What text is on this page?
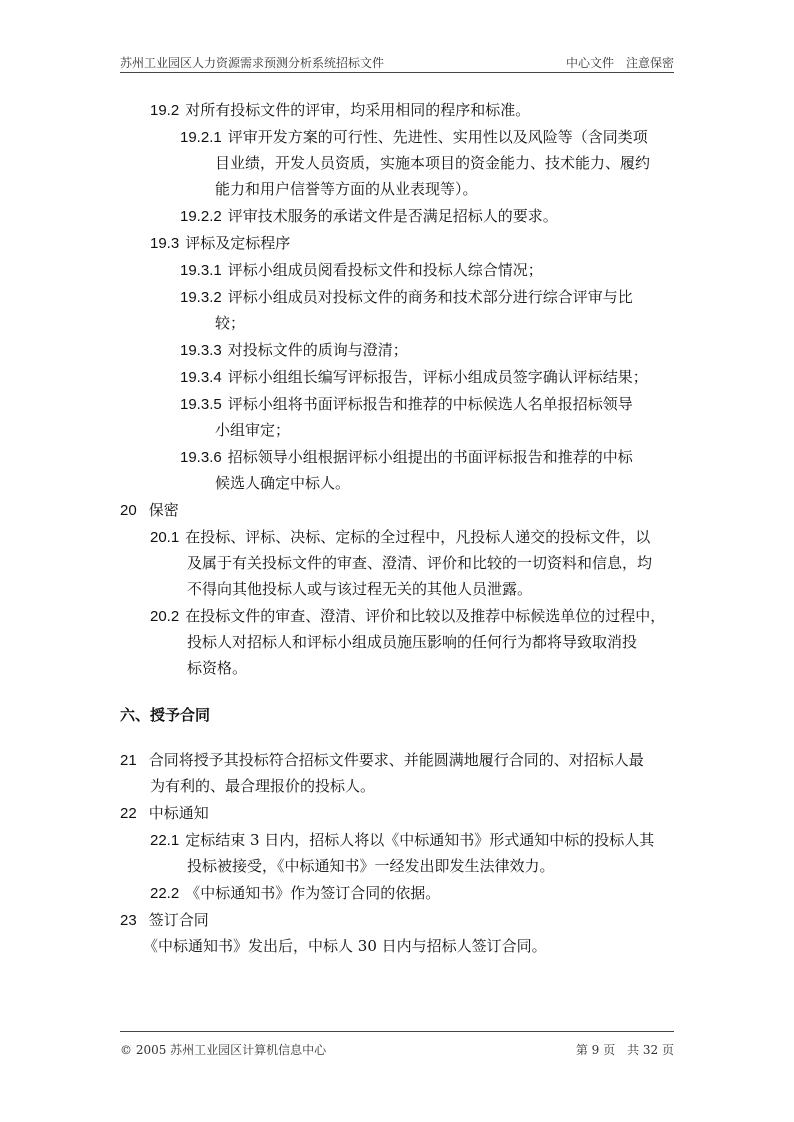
苏州工业园区人力资源需求预测分析系统招标文件	中心文件　注意保密
19.2 对所有投标文件的评审，均采用相同的程序和标准。
19.2.1 评审开发方案的可行性、先进性、实用性以及风险等（含同类项
目业绩，开发人员资质，实施本项目的资金能力、技术能力、履约
能力和用户信誉等方面的从业表现等）。
19.2.2 评审技术服务的承诺文件是否满足招标人的要求。
19.3 评标及定标程序
19.3.1 评标小组成员阅看投标文件和投标人综合情况；
19.3.2 评标小组成员对投标文件的商务和技术部分进行综合评审与比
较；
19.3.3 对投标文件的质询与澄清；
19.3.4 评标小组组长编写评标报告，评标小组成员签字确认评标结果；
19.3.5 评标小组将书面评标报告和推荐的中标候选人名单报招标领导
小组审定；
19.3.6 招标领导小组根据评标小组提出的书面评标报告和推荐的中标
候选人确定中标人。
20 保密
20.1 在投标、评标、决标、定标的全过程中，凡投标人递交的投标文件，以
及属于有关投标文件的审查、澄清、评价和比较的一切资料和信息，均
不得向其他投标人或与该过程无关的其他人员泄露。
20.2 在投标文件的审查、澄清、评价和比较以及推荐中标候选单位的过程中，
投标人对招标人和评标小组成员施压影响的任何行为都将导致取消投
标资格。
六、授予合同
21 合同将授予其投标符合招标文件要求、并能圆满地履行合同的、对招标人最
为有利的、最合理报价的投标人。
22 中标通知
22.1 定标结束 3 日内，招标人将以《中标通知书》形式通知中标的投标人其
投标被接受，《中标通知书》一经发出即发生法律效力。
22.2 《中标通知书》作为签订合同的依据。
23 签订合同
《中标通知书》发出后，中标人 30 日内与招标人签订合同。
© 2005 苏州工业园区计算机信息中心	第 9 页　共 32 页
